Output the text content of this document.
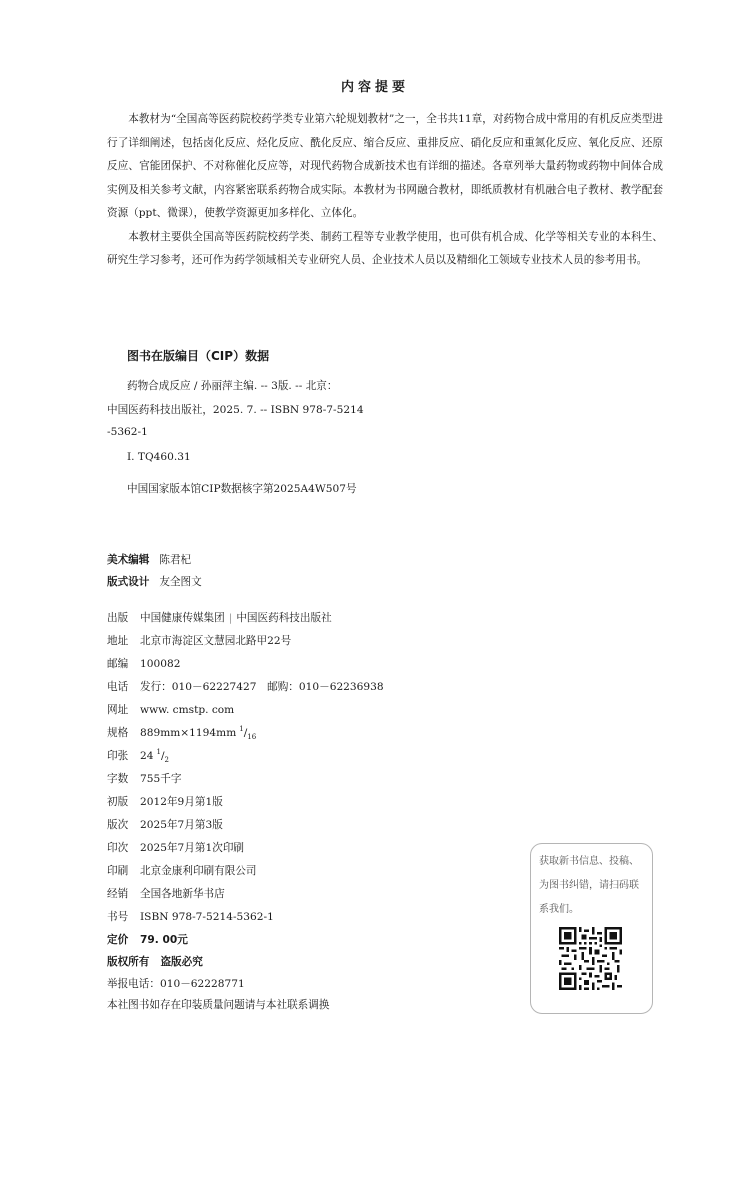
内容提要

本教材为“全国高等医药院校药学类专业第六轮规划教材”之一，全书共11章，对药物合成中常用的有机反应类型进行了详细阐述，包括卤化反应、烃化反应、酰化反应、缩合反应、重排反应、硝化反应和重氮化反应、氧化反应、还原反应、官能团保护、不对称催化反应等，对现代药物合成新技术也有详细的描述。各章列举大量药物或药物中间体合成实例及相关参考文献，内容紧密联系药物合成实际。本教材为书网融合教材，即纸质教材有机融合电子教材、教学配套资源（ppt、微课），使教学资源更加多样化、立体化。

本教材主要供全国高等医药院校药学类、制药工程等专业教学使用，也可供有机合成、化学等相关专业的本科生、研究生学习参考，还可作为药学领域相关专业研究人员、企业技术人员以及精细化工领域专业技术人员的参考用书。

图书在版编目（CIP）数据
药物合成反应 / 孙丽萍主编. -- 3版. -- 北京：
中国医药科技出版社，2025. 7. -- ISBN 978-7-5214
-5362-1
Ⅰ. TQ460.31
中国国家版本馆CIP数据核字第2025A4W507号
美术编辑 陈君杞
版式设计 友全图文
出版 中国健康传媒集团 | 中国医药科技出版社
地址 北京市海淀区文慧园北路甲22号
邮编 100082
电话 发行：010－62227427　邮购：010－62236938
网址 www. cmstp. com
规格 889mm×1194mm $^1/_{16}$
印张 24 $^1/_2$
字数 755千字
初版 2012年9月第1版
版次 2025年7月第3版
印次 2025年7月第1次印刷
印刷 北京金康利印刷有限公司
经销 全国各地新华书店
书号 ISBN 978-7-5214-5362-1
定价 79. 00元
版权所有 盗版必究
举报电话：010－62228771
本社图书如存在印装质量问题请与本社联系调换
获取新书信息、投稿、为图书纠错，请扫码联系我们。
